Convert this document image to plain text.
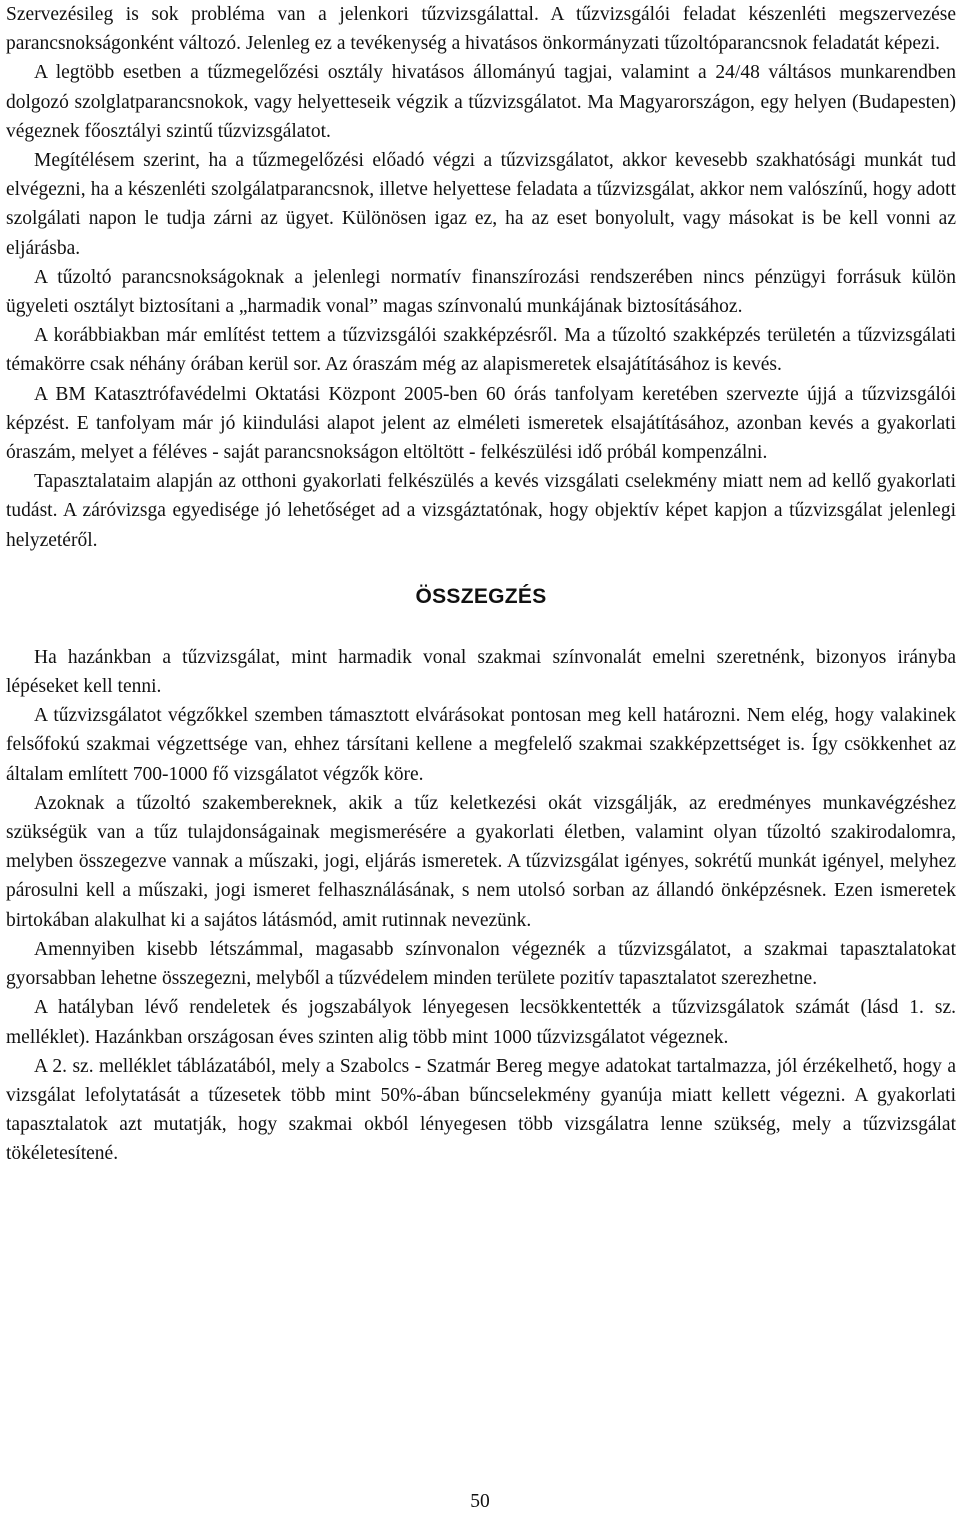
Szervezésileg is sok probléma van a jelenkori tűzvizsgálattal. A tűzvizsgálói feladat készenléti megszervezése parancsnokságonként változó. Jelenleg ez a tevékenység a hivatásos önkormányzati tűzoltóparancsnok feladatát képezi.

A legtöbb esetben a tűzmegelőzési osztály hivatásos állományú tagjai, valamint a 24/48 váltásos munkarendben dolgozó szolglatparancsnokok, vagy helyetteseik végzik a tűzvizsgálatot. Ma Magyarországon, egy helyen (Budapesten) végeznek főosztályi szintű tűzvizsgálatot.

Megítélésem szerint, ha a tűzmegelőzési előadó végzi a tűzvizsgálatot, akkor kevesebb szakhatósági munkát tud elvégezni, ha a készenléti szolgálatparancsnok, illetve helyettese feladata a tűzvizsgálat, akkor nem valószínű, hogy adott szolgálati napon le tudja zárni az ügyet. Különösen igaz ez, ha az eset bonyolult, vagy másokat is be kell vonni az eljárásba.

A tűzoltó parancsnokságoknak a jelenlegi normatív finanszírozási rendszerében nincs pénzügyi forrásuk külön ügyeleti osztályt biztosítani a „harmadik vonal” magas színvonalú munkájának biztosításához.

A korábbiakban már említést tettem a tűzvizsgálói szakképzésről. Ma a tűzoltó szakképzés területén a tűzvizsgálati témakörre csak néhány órában kerül sor. Az óraszám még az alapismeretek elsajátításához is kevés.

A BM Katasztrófavédelmi Oktatási Központ 2005-ben 60 órás tanfolyam keretében szervezte újjá a tűzvizsgálói képzést. E tanfolyam már jó kiindulási alapot jelent az elméleti ismeretek elsajátításához, azonban kevés a gyakorlati óraszám, melyet a féléves - saját parancsnokságon eltöltött - felkészülési idő próbál kompenzálni.

Tapasztalataim alapján az otthoni gyakorlati felkészülés a kevés vizsgálati cselekmény miatt nem ad kellő gyakorlati tudást. A záróvizsga egyedisége jó lehetőséget ad a vizsgáztatónak, hogy objektív képet kapjon a tűzvizsgálat jelenlegi helyzetéről.

ÖSSZEGZÉS

Ha hazánkban a tűzvizsgálat, mint harmadik vonal szakmai színvonalát emelni szeretnénk, bizonyos irányba lépéseket kell tenni.

A tűzvizsgálatot végzőkkel szemben támasztott elvárásokat pontosan meg kell határozni. Nem elég, hogy valakinek felsőfokú szakmai végzettsége van, ehhez társítani kellene a megfelelő szakmai szakképzettséget is. Így csökkenhet az általam említett 700-1000 fő vizsgálatot végzők köre.

Azoknak a tűzoltó szakembereknek, akik a tűz keletkezési okát vizsgálják, az eredményes munkavégzéshez szükségük van a tűz tulajdonságainak megismerésére a gyakorlati életben, valamint olyan tűzoltó szakirodalomra, melyben összegezve vannak a műszaki, jogi, eljárás ismeretek. A tűzvizsgálat igényes, sokrétű munkát igényel, melyhez párosulni kell a műszaki, jogi ismeret felhasználásának, s nem utolsó sorban az állandó önképzésnek. Ezen ismeretek birtokában alakulhat ki a sajátos látásmód, amit rutinnak nevezünk.

Amennyiben kisebb létszámmal, magasabb színvonalon végeznék a tűzvizsgálatot, a szakmai tapasztalatokat gyorsabban lehetne összegezni, melyből a tűzvédelem minden területe pozitív tapasztalatot szerezhetne.

A hatályban lévő rendeletek és jogszabályok lényegesen lecsökkentették a tűzvizsgálatok számát (lásd 1. sz. melléklet). Hazánkban országosan éves szinten alig több mint 1000 tűzvizsgálatot végeznek.

A 2. sz. melléklet táblázatából, mely a Szabolcs - Szatmár Bereg megye adatokat tartalmazza, jól érzékelhető, hogy a vizsgálat lefolytatását a tűzesetek több mint 50%-ában bűncselekmény gyanúja miatt kellett végezni. A gyakorlati tapasztalatok azt mutatják, hogy szakmai okból lényegesen több vizsgálatra lenne szükség, mely a tűzvizsgálat tökéletesítené.

50
